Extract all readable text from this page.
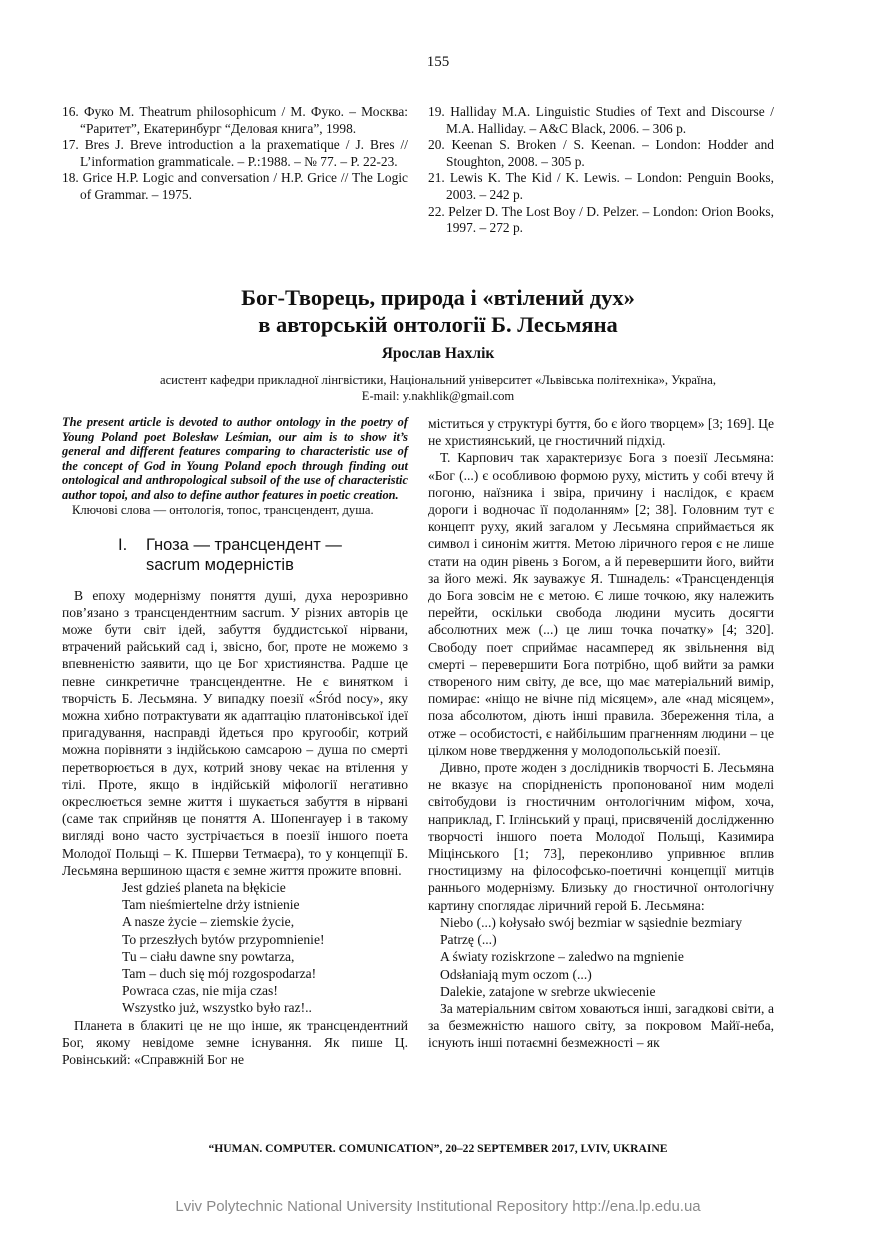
155

16. Фуко М. Theatrum philosophicum / М. Фуко. – Москва: “Раритет”, Екатеринбург “Деловая книга”, 1998.

17. Bres J. Breve introduction a la praxematique / J. Bres // L’information grammaticale. – P.:1988. – № 77. – P. 22-23.

18. Grice H.P. Logic and conversation / H.P. Grice // The Logic of Grammar. – 1975.

19. Halliday M.A. Linguistic Studies of Text and Discourse / M.A. Halliday. – A&C Black, 2006. – 306 p.

20. Keenan S. Broken / S. Keenan. – London: Hodder and Stoughton, 2008. – 305 p.

21. Lewis K. The Kid / K. Lewis. – London: Penguin Books, 2003. – 242 p.

22. Pelzer D. The Lost Boy / D. Pelzer. – London: Orion Books, 1997. – 272 p.

Бог-Творець, природа і «втілений дух»
в авторській онтології Б. Лесьмяна
Ярослав Нахлік
асистент кафедри прикладної лінгвістики, Національний університет «Львівська політехніка», Україна,
E-mail: y.nakhlik@gmail.com

The present article is devoted to author ontology in the poetry of Young Poland poet Bolesław Leśmian, our aim is to show it’s general and different features comparing to characteristic use of the concept of God in Young Poland epoch through finding out ontological and anthropological subsoil of the use of characteristic author topoi, and also to define author features in poetic creation.

Ключові слова — онтологія, топос, трансцендент, душа.

I. Гноза — трансцендент —
sacrum модерністів

В епоху модернізму поняття душі, духа нерозривно пов’язано з трансцендентним sacrum. У різних авторів це може бути світ ідей, забуття буддистської нірвани, втрачений райський сад і, звісно, бог, проте не можемо з впевненістю заявити, що це Бог християнства. Радше це певне синкретичне трансцендентне. Не є винятком і творчість Б. Лесьмяна. У випадку поезії «Śród nocy», яку можна хибно потрактувати як адаптацію платонівської ідеї пригадування, насправді йдеться про кругообіг, котрий можна порівняти з індійською самсарою – душа по смерті перетворюється в дух, котрий знову чекає на втілення у тілі. Проте, якщо в індійській міфології негативно окреслюється земне життя і шукається забуття в нірвані (саме так сприйняв це поняття А. Шопенгауер і в такому вигляді воно часто зустрічається в поезії іншого поета Молодої Польщі – К. Пшерви Тетмаєра), то у концепції Б. Лесьмяна вершиною щастя є земне життя прожите вповні.

Jest gdzieś planeta na błękicie

Tam nieśmiertelne drży istnienie

A nasze życie – ziemskie życie,

To przeszłych bytów przypomnienie!

Tu – ciału dawne sny powtarza,

Tam – duch się mój rozgospodarza!

Powraca czas, nie mija czas!

Wszystko już, wszystko było raz!..

Планета в блакиті це не що інше, як трансцендентний Бог, якому невідоме земне існування. Як пише Ц. Ровінський: «Справжній Бог не

міститься у структурі буття, бо є його творцем» [3; 169]. Це не християнський, це гностичний підхід.

Т. Карпович так характеризує Бога з поезії Лесьмяна: «Бог (...) є особливою формою руху, містить у собі втечу й погоню, наїзника і звіра, причину і наслідок, є краєм дороги і водночас її подоланням» [2; 38]. Головним тут є концепт руху, який загалом у Лесьмяна сприймається як символ і синонім життя. Метою ліричного героя є не лише стати на один рівень з Богом, а й перевершити його, вийти за його межі. Як зауважує Я. Тшнадель: «Трансценденція до Бога зовсім не є метою. Є лише точкою, яку належить перейти, оскільки свобода людини мусить досягти абсолютних меж (...) це лиш точка початку» [4; 320]. Свободу поет сприймає насамперед як звільнення від смерті – перевершити Бога потрібно, щоб вийти за рамки створеного ним світу, де все, що має матеріальний вимір, помирає: «ніщо не вічне під місяцем», але «над місяцем», поза абсолютом, діють інші правила. Збереження тіла, а отже – особистості, є найбільшим прагненням людини – це цілком нове твердження у молодопольській поезії.

Дивно, проте жоден з дослідників творчості Б. Лесьмяна не вказує на спорідненість пропонованої ним моделі світобудови із гностичним онтологічним міфом, хоча, наприклад, Г. Іглінський у праці, присвяченій дослідженню творчості іншого поета Молодої Польщі, Казимира Міцінського [1; 73], переконливо упривнює вплив гностицизму на філософсько-поетичні концепції митців раннього модернізму. Близьку до гностичної онтологічну картину споглядає ліричний герой Б. Лесьмяна:

Niebo (...) kołysało swój bezmiar w sąsiednie bezmiary

Patrzę (...)

A światy roziskrzone – zaledwo na mgnienie

Odsłaniają mym oczom (...)

Dalekie, zatajone w srebrze ukwiecenie

За матеріальним світом ховаються інші, загадкові світи, а за безмежністю нашого світу, за покровом Майї-неба, існують інші потаємні безмежності – як

“HUMAN. COMPUTER. COMUNICATION”, 20–22 SEPTEMBER 2017, LVIV, UKRAINE
Lviv Polytechnic National University Institutional Repository http://ena.lp.edu.ua
